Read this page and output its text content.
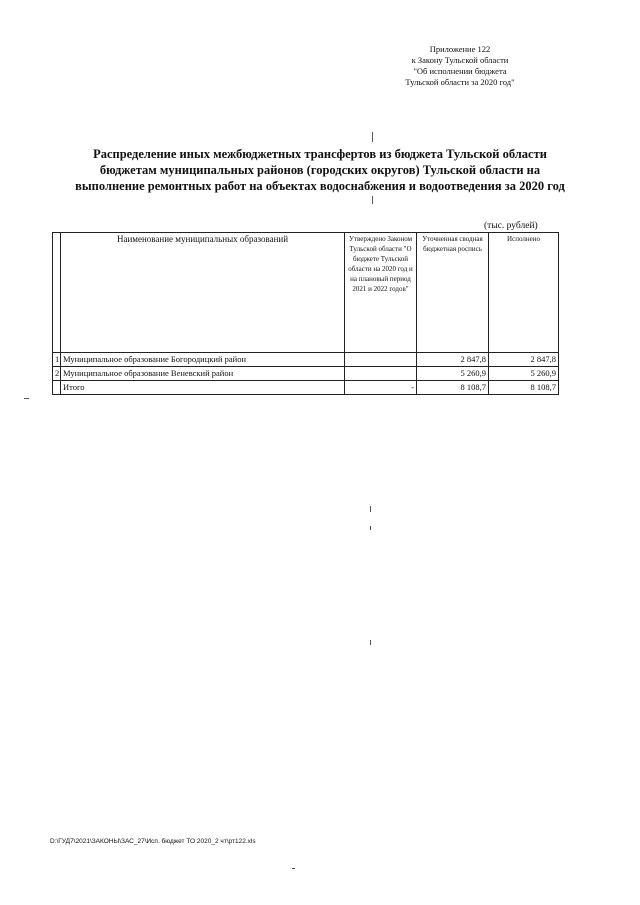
Приложение 122
к Закону Тульской области
"Об исполнении бюджета
Тульской области за 2020 год"
Распределение иных межбюджетных трансфертов из бюджета Тульской области
бюджетам муниципальных районов (городских округов) Тульской области на
выполнение ремонтных работ на объектах водоснабжения и водоотведения за 2020 год
(тыс. рублей)
	Наименование муниципальных образований	Утверждено Законом Тульской области "О бюджете Тульской области на 2020 год и на плановый период 2021 и 2022 годов"	Уточненная сводная бюджетная роспись	Исполнено
1	Муниципальное образование Богородицкий район		2 847,8	2 847,8
2	Муниципальное образование Веневский район		5 260,9	5 260,9
	Итого	-	8 108,7	8 108,7
D:\ГУД7\2021\ЗАКОНЫ\ЗАС_27\Исп. бюджет ТО 2020_2 чт\рт122.xls
